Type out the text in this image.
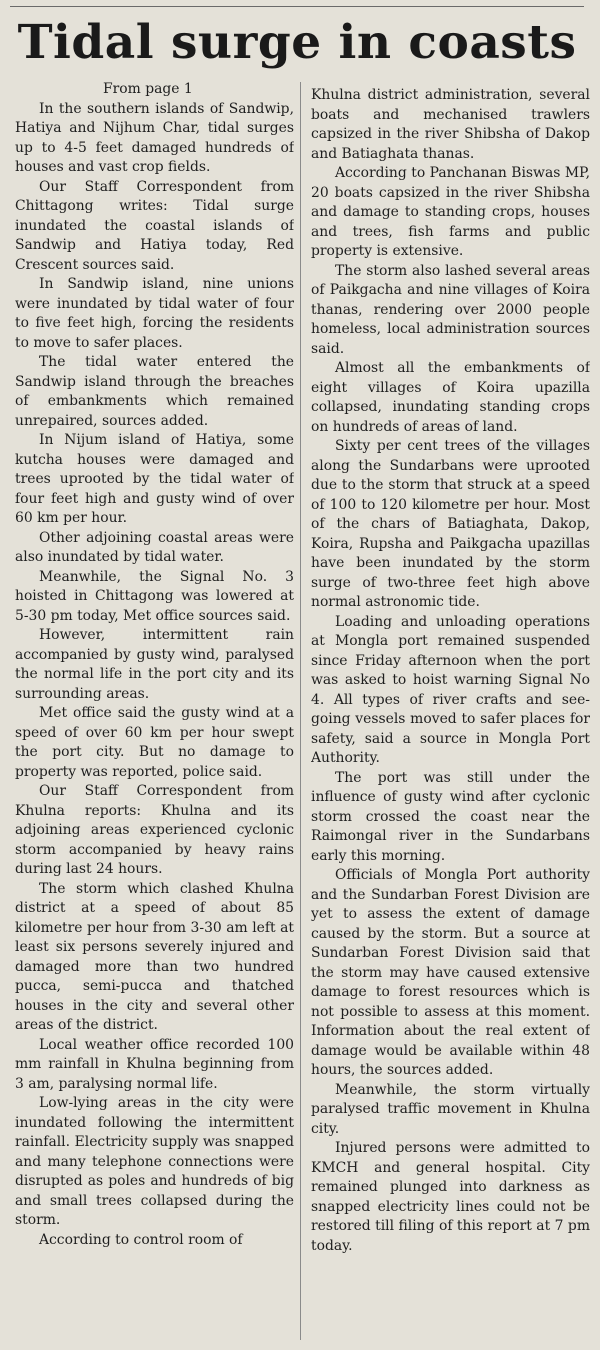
Tidal surge in coasts

From page 1

In the southern islands of Sandwip, Hatiya and Nijhum Char, tidal surges up to 4-5 feet damaged hundreds of houses and vast crop fields.

Our Staff Correspondent from Chittagong writes: Tidal surge inundated the coastal islands of Sandwip and Hatiya today, Red Crescent sources said.

In Sandwip island, nine unions were inundated by tidal water of four to five feet high, forcing the residents to move to safer places.

The tidal water entered the Sandwip island through the breaches of embankments which remained unrepaired, sources added.

In Nijum island of Hatiya, some kutcha houses were damaged and trees uprooted by the tidal water of four feet high and gusty wind of over 60 km per hour.

Other adjoining coastal areas were also inundated by tidal water.

Meanwhile, the Signal No. 3 hoisted in Chittagong was lowered at 5-30 pm today, Met office sources said.

However, intermittent rain accompanied by gusty wind, paralysed the normal life in the port city and its surrounding areas.

Met office said the gusty wind at a speed of over 60 km per hour swept the port city. But no damage to property was reported, police said.

Our Staff Correspondent from Khulna reports: Khulna and its adjoining areas experienced cyclonic storm accompanied by heavy rains during last 24 hours.

The storm which clashed Khulna district at a speed of about 85 kilometre per hour from 3-30 am left at least six persons severely injured and damaged more than two hundred pucca, semi-pucca and thatched houses in the city and several other areas of the district.

Local weather office recorded 100 mm rainfall in Khulna beginning from 3 am, paralysing normal life.

Low-lying areas in the city were inundated following the intermittent rainfall. Electricity supply was snapped and many telephone connections were disrupted as poles and hundreds of big and small trees collapsed during the storm.

According to control room of

Khulna district administration, several boats and mechanised trawlers capsized in the river Shibsha of Dakop and Batiaghata thanas.

According to Panchanan Biswas MP, 20 boats capsized in the river Shibsha and damage to standing crops, houses and trees, fish farms and public property is extensive.

The storm also lashed several areas of Paikgacha and nine villages of Koira thanas, rendering over 2000 people homeless, local administration sources said.

Almost all the embankments of eight villages of Koira upazilla collapsed, inundating standing crops on hundreds of areas of land.

Sixty per cent trees of the villages along the Sundarbans were uprooted due to the storm that struck at a speed of 100 to 120 kilometre per hour. Most of the chars of Batiaghata, Dakop, Koira, Rupsha and Paikgacha upazillas have been inundated by the storm surge of two-three feet high above normal astronomic tide.

Loading and unloading operations at Mongla port remained suspended since Friday afternoon when the port was asked to hoist warning Signal No 4. All types of river crafts and see-going vessels moved to safer places for safety, said a source in Mongla Port Authority.

The port was still under the influence of gusty wind after cyclonic storm crossed the coast near the Raimongal river in the Sundarbans early this morning.

Officials of Mongla Port authority and the Sundarban Forest Division are yet to assess the extent of damage caused by the storm. But a source at Sundarban Forest Division said that the storm may have caused extensive damage to forest resources which is not possible to assess at this moment. Information about the real extent of damage would be available within 48 hours, the sources added.

Meanwhile, the storm virtually paralysed traffic movement in Khulna city.

Injured persons were admitted to KMCH and general hospital. City remained plunged into darkness as snapped electricity lines could not be restored till filing of this report at 7 pm today.
